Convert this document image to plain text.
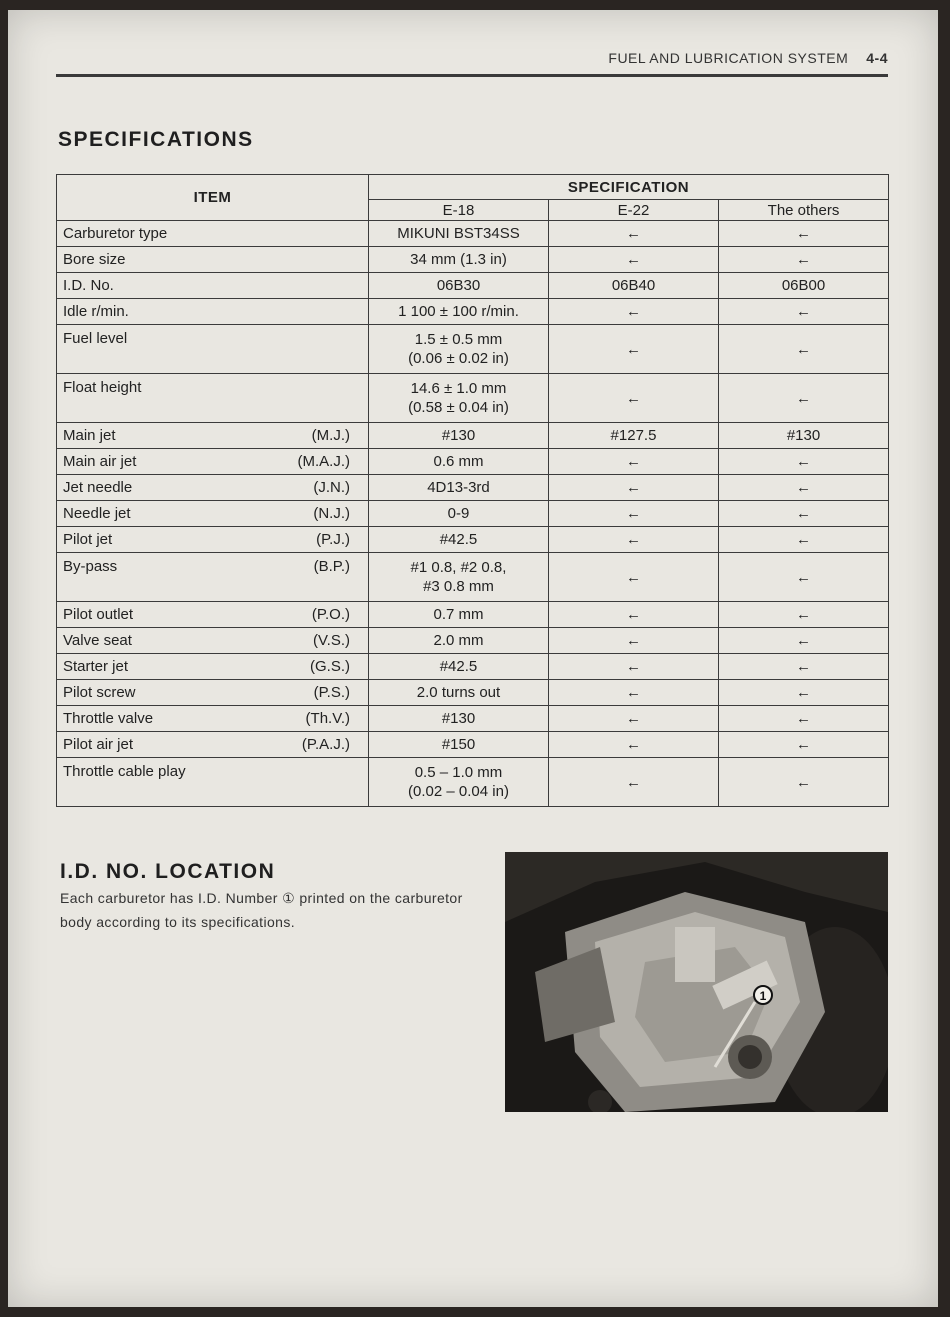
FUEL AND LUBRICATION SYSTEM 4-4
SPECIFICATIONS
ITEM		SPECIFICATION		
		E-18	E-22	The others
Carburetor type		MIKUNI BST34SS	←	←
Bore size		34 mm (1.3 in)	←	←
I.D. No.		06B30	06B40	06B00
Idle r/min.		1 100 ± 100 r/min.	←	←
Fuel level		1.5 ± 0.5 mm
(0.06 ± 0.02 in)	←	←
Float height		14.6 ± 1.0 mm
(0.58 ± 0.04 in)	←	←
Main jet	(M.J.)	#130	#127.5	#130
Main air jet	(M.A.J.)	0.6 mm	←	←
Jet needle	(J.N.)	4D13-3rd	←	←
Needle jet	(N.J.)	0-9	←	←
Pilot jet	(P.J.)	#42.5	←	←
By-pass	(B.P.)	#1 0.8, #2 0.8,
#3 0.8 mm	←	←
Pilot outlet	(P.O.)	0.7 mm	←	←
Valve seat	(V.S.)	2.0 mm	←	←
Starter jet	(G.S.)	#42.5	←	←
Pilot screw	(P.S.)	2.0 turns out	←	←
Throttle valve	(Th.V.)	#130	←	←
Pilot air jet	(P.A.J.)	#150	←	←
Throttle cable play		0.5 – 1.0 mm
(0.02 – 0.04 in)	←	←
I.D. NO. LOCATION
Each carburetor has I.D. Number ① printed on the carburetor body according to its specifications.
1
